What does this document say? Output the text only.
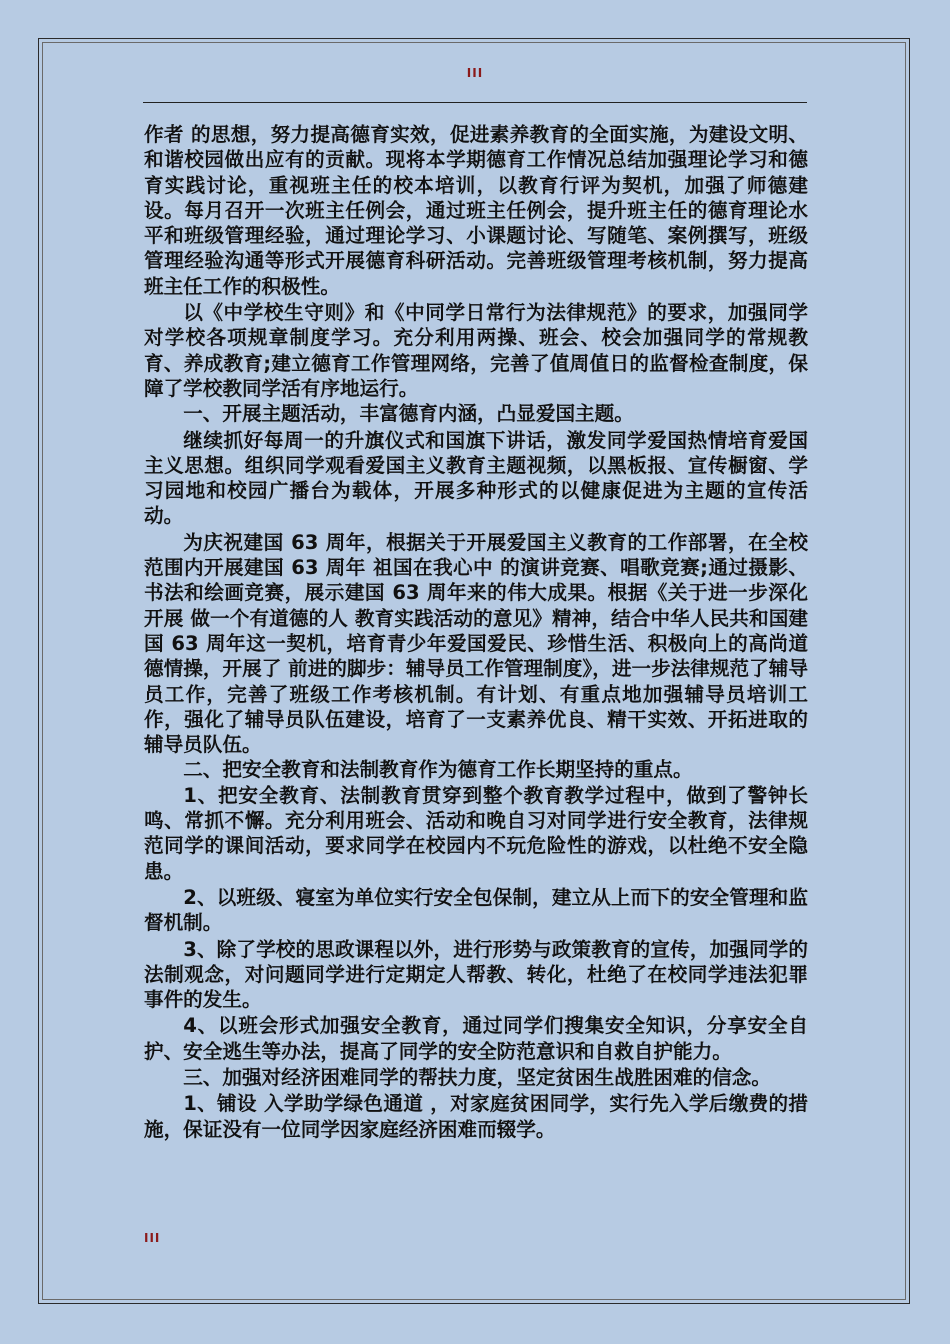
III

作者 的思想，努力提高德育实效，促进素养教育的全面实施，为建设文明、和谐校园做出应有的贡献。现将本学期德育工作情况总结加强理论学习和德育实践讨论，重视班主任的校本培训，以教育行评为契机，加强了师德建设。每月召开一次班主任例会，通过班主任例会，提升班主任的德育理论水平和班级管理经验，通过理论学习、小课题讨论、写随笔、案例撰写，班级管理经验沟通等形式开展德育科研活动。完善班级管理考核机制，努力提高班主任工作的积极性。

以《中学校生守则》和《中同学日常行为法律规范》的要求，加强同学对学校各项规章制度学习。充分利用两操、班会、校会加强同学的常规教育、养成教育;建立德育工作管理网络，完善了值周值日的监督检查制度，保障了学校教同学活有序地运行。

一、开展主题活动，丰富德育内涵，凸显爱国主题。

继续抓好每周一的升旗仪式和国旗下讲话，激发同学爱国热情培育爱国主义思想。组织同学观看爱国主义教育主题视频，以黑板报、宣传橱窗、学习园地和校园广播台为载体，开展多种形式的以健康促进为主题的宣传活动。

为庆祝建国 63 周年，根据关于开展爱国主义教育的工作部署，在全校范围内开展建国 63 周年 祖国在我心中 的演讲竞赛、唱歌竞赛;通过摄影、书法和绘画竞赛，展示建国 63 周年来的伟大成果。根据《关于进一步深化开展 做一个有道德的人 教育实践活动的意见》精神，结合中华人民共和国建国 63 周年这一契机，培育青少年爱国爱民、珍惜生活、积极向上的高尚道德情操，开展了 前进的脚步：辅导员工作管理制度》，进一步法律规范了辅导员工作，完善了班级工作考核机制。有计划、有重点地加强辅导员培训工作，强化了辅导员队伍建设，培育了一支素养优良、精干实效、开拓进取的辅导员队伍。

二、把安全教育和法制教育作为德育工作长期坚持的重点。

1、把安全教育、法制教育贯穿到整个教育教学过程中，做到了警钟长鸣、常抓不懈。充分利用班会、活动和晚自习对同学进行安全教育，法律规范同学的课间活动，要求同学在校园内不玩危险性的游戏，以杜绝不安全隐患。

2、以班级、寝室为单位实行安全包保制，建立从上而下的安全管理和监督机制。

3、除了学校的思政课程以外，进行形势与政策教育的宣传，加强同学的法制观念，对问题同学进行定期定人帮教、转化，杜绝了在校同学违法犯罪事件的发生。

4、以班会形式加强安全教育，通过同学们搜集安全知识，分享安全自护、安全逃生等办法，提高了同学的安全防范意识和自救自护能力。

三、加强对经济困难同学的帮扶力度，坚定贫困生战胜困难的信念。

1、铺设 入学助学绿色通道 ，对家庭贫困同学，实行先入学后缴费的措施，保证没有一位同学因家庭经济困难而辍学。

III
